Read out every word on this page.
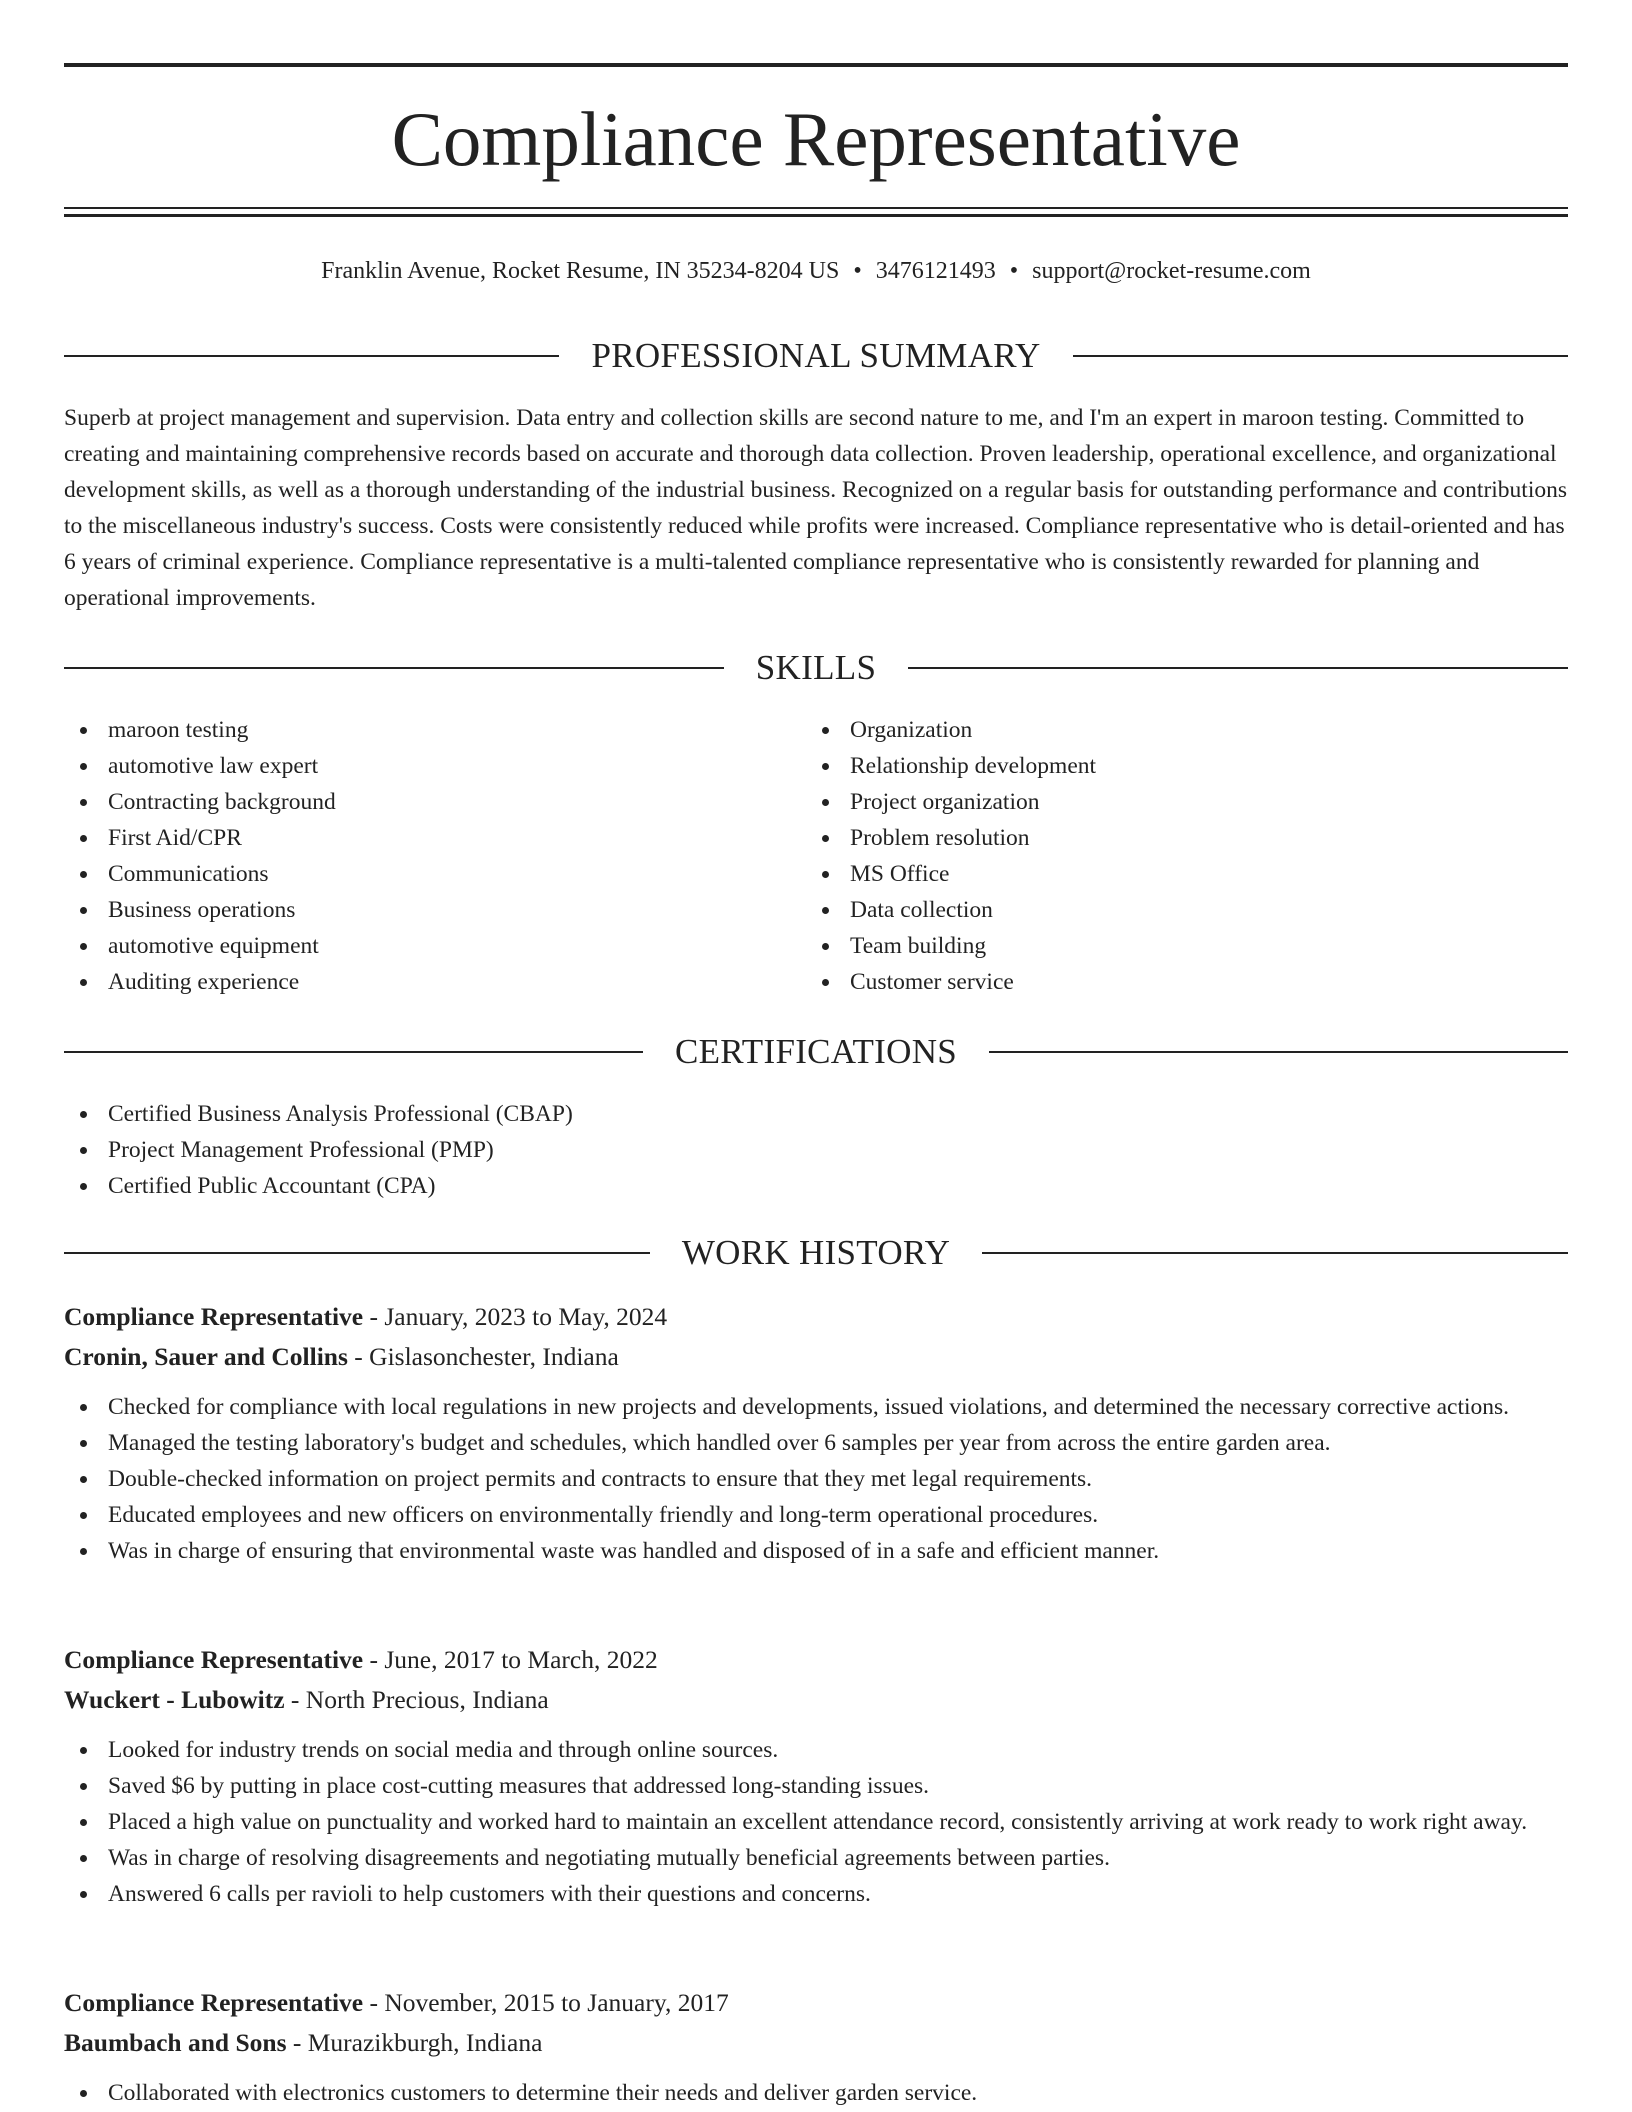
Compliance Representative
Franklin Avenue, Rocket Resume, IN 35234-8204 US • 3476121493 • support@rocket-resume.com
PROFESSIONAL SUMMARY

Superb at project management and supervision. Data entry and collection skills are second nature to me, and I'm an expert in maroon testing. Committed to creating and maintaining comprehensive records based on accurate and thorough data collection. Proven leadership, operational excellence, and organizational development skills, as well as a thorough understanding of the industrial business. Recognized on a regular basis for outstanding performance and contributions to the miscellaneous industry's success. Costs were consistently reduced while profits were increased. Compliance representative who is detail-oriented and has 6 years of criminal experience. Compliance representative is a multi-talented compliance representative who is consistently rewarded for planning and operational improvements.

SKILLS
maroon testing
automotive law expert
Contracting background
First Aid/CPR
Communications
Business operations
automotive equipment
Auditing experience
Organization
Relationship development
Project organization
Problem resolution
MS Office
Data collection
Team building
Customer service
CERTIFICATIONS
Certified Business Analysis Professional (CBAP)
Project Management Professional (PMP)
Certified Public Accountant (CPA)
WORK HISTORY
Compliance Representative - January, 2023 to May, 2024
Cronin, Sauer and Collins - Gislasonchester, Indiana
Checked for compliance with local regulations in new projects and developments, issued violations, and determined the necessary corrective actions.
Managed the testing laboratory's budget and schedules, which handled over 6 samples per year from across the entire garden area.
Double-checked information on project permits and contracts to ensure that they met legal requirements.
Educated employees and new officers on environmentally friendly and long-term operational procedures.
Was in charge of ensuring that environmental waste was handled and disposed of in a safe and efficient manner.
Compliance Representative - June, 2017 to March, 2022
Wuckert - Lubowitz - North Precious, Indiana
Looked for industry trends on social media and through online sources.
Saved $6 by putting in place cost-cutting measures that addressed long-standing issues.
Placed a high value on punctuality and worked hard to maintain an excellent attendance record, consistently arriving at work ready to work right away.
Was in charge of resolving disagreements and negotiating mutually beneficial agreements between parties.
Answered 6 calls per ravioli to help customers with their questions and concerns.
Compliance Representative - November, 2015 to January, 2017
Baumbach and Sons - Murazikburgh, Indiana
Collaborated with electronics customers to determine their needs and deliver garden service.
